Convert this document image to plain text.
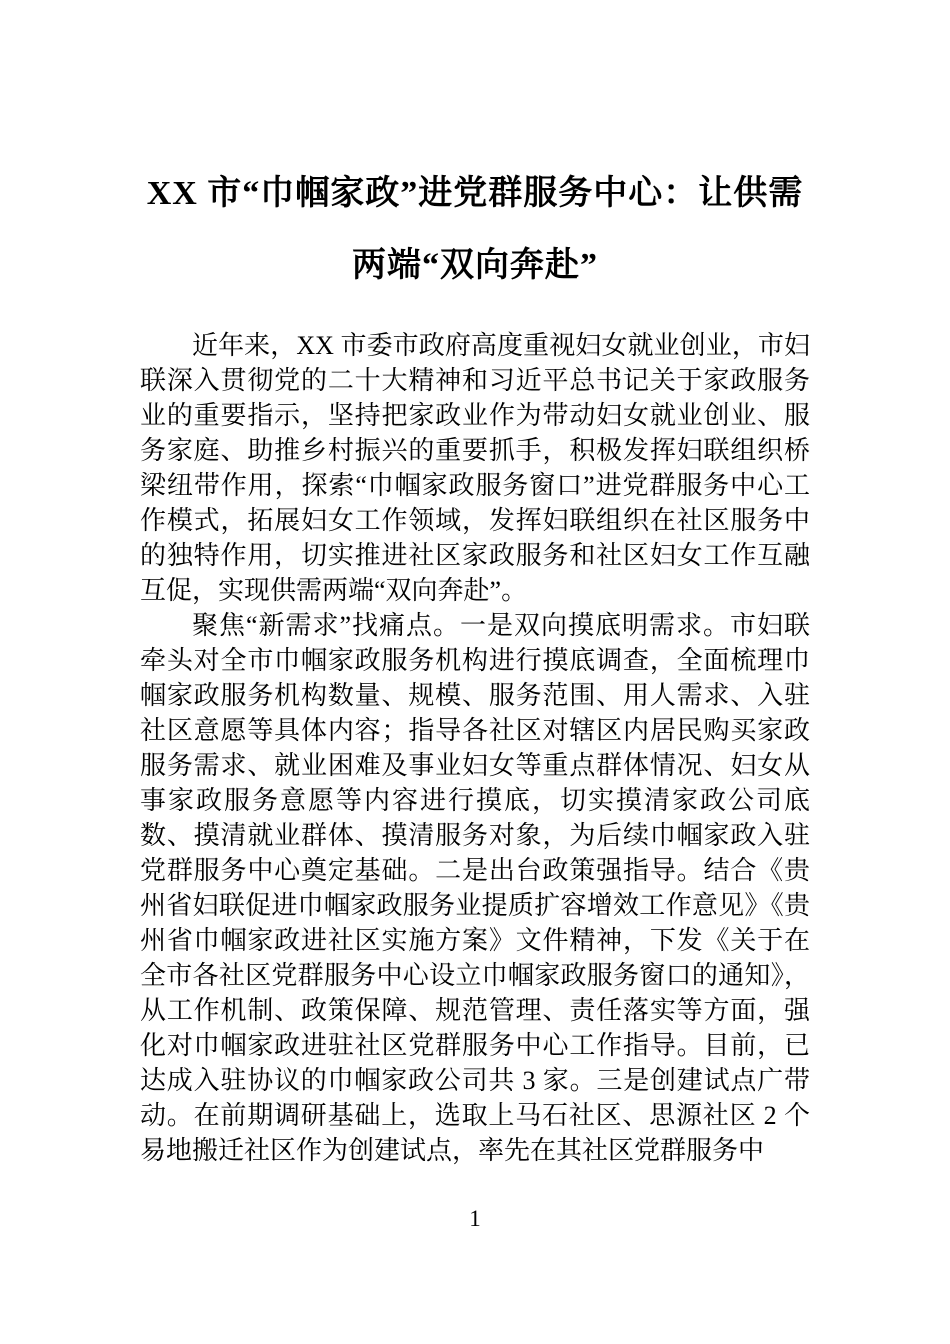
XX 市“巾帼家政”进党群服务中心：让供需两端“双向奔赴”

近年来，XX 市委市政府高度重视妇女就业创业，市妇联深入贯彻党的二十大精神和习近平总书记关于家政服务业的重要指示，坚持把家政业作为带动妇女就业创业、服务家庭、助推乡村振兴的重要抓手，积极发挥妇联组织桥梁纽带作用，探索“巾帼家政服务窗口”进党群服务中心工作模式，拓展妇女工作领域，发挥妇联组织在社区服务中的独特作用，切实推进社区家政服务和社区妇女工作互融互促，实现供需两端“双向奔赴”。

聚焦“新需求”找痛点。一是双向摸底明需求。市妇联牵头对全市巾帼家政服务机构进行摸底调查，全面梳理巾帼家政服务机构数量、规模、服务范围、用人需求、入驻社区意愿等具体内容；指导各社区对辖区内居民购买家政服务需求、就业困难及事业妇女等重点群体情况、妇女从事家政服务意愿等内容进行摸底，切实摸清家政公司底数、摸清就业群体、摸清服务对象，为后续巾帼家政入驻党群服务中心奠定基础。二是出台政策强指导。结合《贵州省妇联促进巾帼家政服务业提质扩容增效工作意见》《贵州省巾帼家政进社区实施方案》文件精神，下发《关于在全市各社区党群服务中心设立巾帼家政服务窗口的通知》，从工作机制、政策保障、规范管理、责任落实等方面，强化对巾帼家政进驻社区党群服务中心工作指导。目前，已达成入驻协议的巾帼家政公司共 3 家。三是创建试点广带动。在前期调研基础上，选取上马石社区、思源社区 2 个易地搬迁社区作为创建试点，率先在其社区党群服务中

1
